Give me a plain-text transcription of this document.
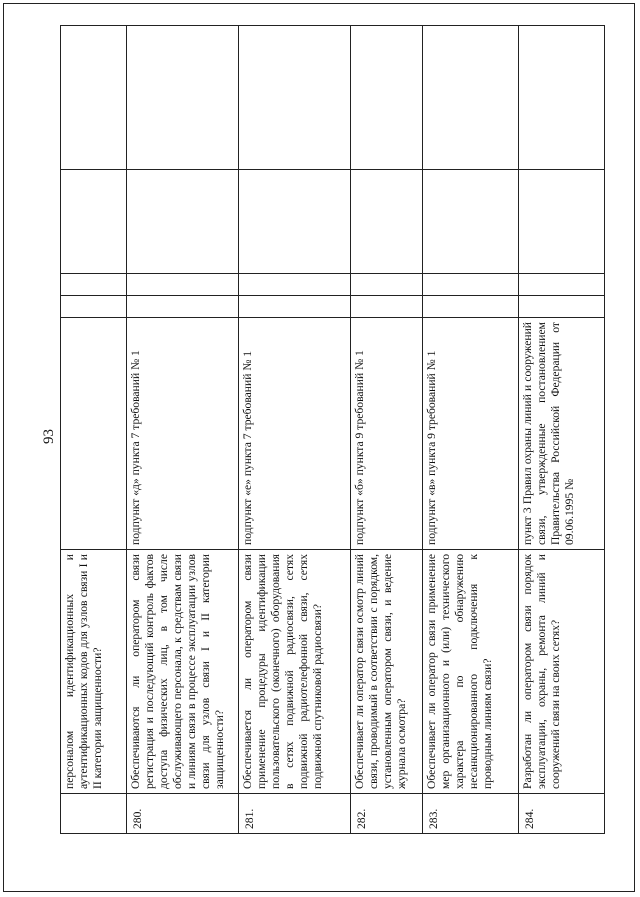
93
	персоналом идентификационных и аутентификационных кодов для узлов связи I и II категории защищенности?					
280.	Обеспечиваются ли оператором связи регистрация и последующий контроль фактов доступа физических лиц, в том числе обслуживающего персонала, к средствам связи и линиям связи в процессе эксплуатации узлов связи для узлов связи I и II категории защищенности?	подпункт «д» пункта 7 требований № 1				
281.	Обеспечивается ли оператором связи применение процедуры идентификации пользовательского (оконечного) оборудования в сетях подвижной радиосвязи, сетях подвижной радиотелефонной связи, сетях подвижной спутниковой радиосвязи?	подпункт «е» пункта 7 требований № 1				
282.	Обеспечивает ли оператор связи осмотр линий связи, проводимый в соответствии с порядком, установленным оператором связи, и ведение журнала осмотра?	подпункт «б» пункта 9 требований № 1				
283.	Обеспечивает ли оператор связи применение мер организационного и (или) технического характера по обнаружению несанкционированного подключения к проводным линиям связи?	подпункт «в» пункта 9 требований № 1				
284.	Разработан ли оператором связи порядок эксплуатации, охраны, ремонта линий и сооружений связи на своих сетях?	пункт 3 Правил охраны линий и сооружений связи, утвержденные постановлением Правительства Российской Федерации от 09.06.1995 №				
